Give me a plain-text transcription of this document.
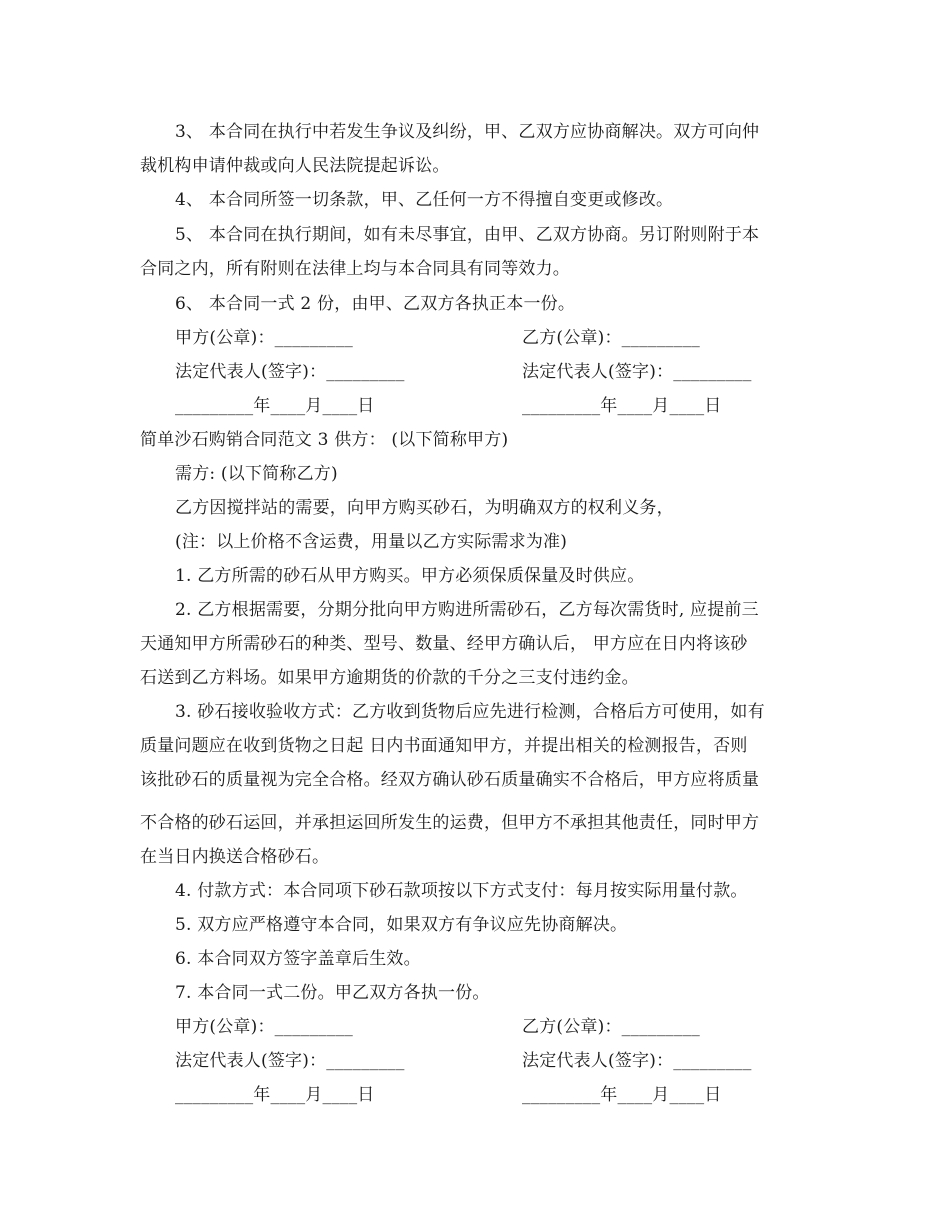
3、 本合同在执行中若发生争议及纠纷，甲、乙双方应协商解决。双方可向仲
裁机构申请仲裁或向人民法院提起诉讼。
4、 本合同所签一切条款，甲、乙任何一方不得擅自变更或修改。
5、 本合同在执行期间，如有未尽事宜，由甲、乙双方协商。另订附则附于本
合同之内，所有附则在法律上均与本合同具有同等效力。
6、 本合同一式 2 份，由甲、乙双方各执正本一份。
甲方(公章)：_________	乙方(公章)：_________
法定代表人(签字)：_________	法定代表人(签字)：_________
_________年____月____日	_________年____月____日
简单沙石购销合同范文 3 供方： (以下简称甲方)
需方: (以下简称乙方)
乙方因搅拌站的需要，向甲方购买砂石，为明确双方的权利义务，
(注：以上价格不含运费，用量以乙方实际需求为准)
1. 乙方所需的砂石从甲方购买。甲方必须保质保量及时供应。
2. 乙方根据需要，分期分批向甲方购进所需砂石，乙方每次需货时, 应提前三
天通知甲方所需砂石的种类、型号、数量、经甲方确认后， 甲方应在日内将该砂
石送到乙方料场。如果甲方逾期货的价款的千分之三支付违约金。
3. 砂石接收验收方式：乙方收到货物后应先进行检测，合格后方可使用，如有
质量问题应在收到货物之日起 日内书面通知甲方，并提出相关的检测报告，否则
该批砂石的质量视为完全合格。经双方确认砂石质量确实不合格后，甲方应将质量
不合格的砂石运回，并承担运回所发生的运费，但甲方不承担其他责任，同时甲方
在当日内换送合格砂石。
4. 付款方式：本合同项下砂石款项按以下方式支付：每月按实际用量付款。
5. 双方应严格遵守本合同，如果双方有争议应先协商解决。
6. 本合同双方签字盖章后生效。
7. 本合同一式二份。甲乙双方各执一份。
甲方(公章)：_________	乙方(公章)：_________
法定代表人(签字)：_________	法定代表人(签字)：_________
_________年____月____日	_________年____月____日
